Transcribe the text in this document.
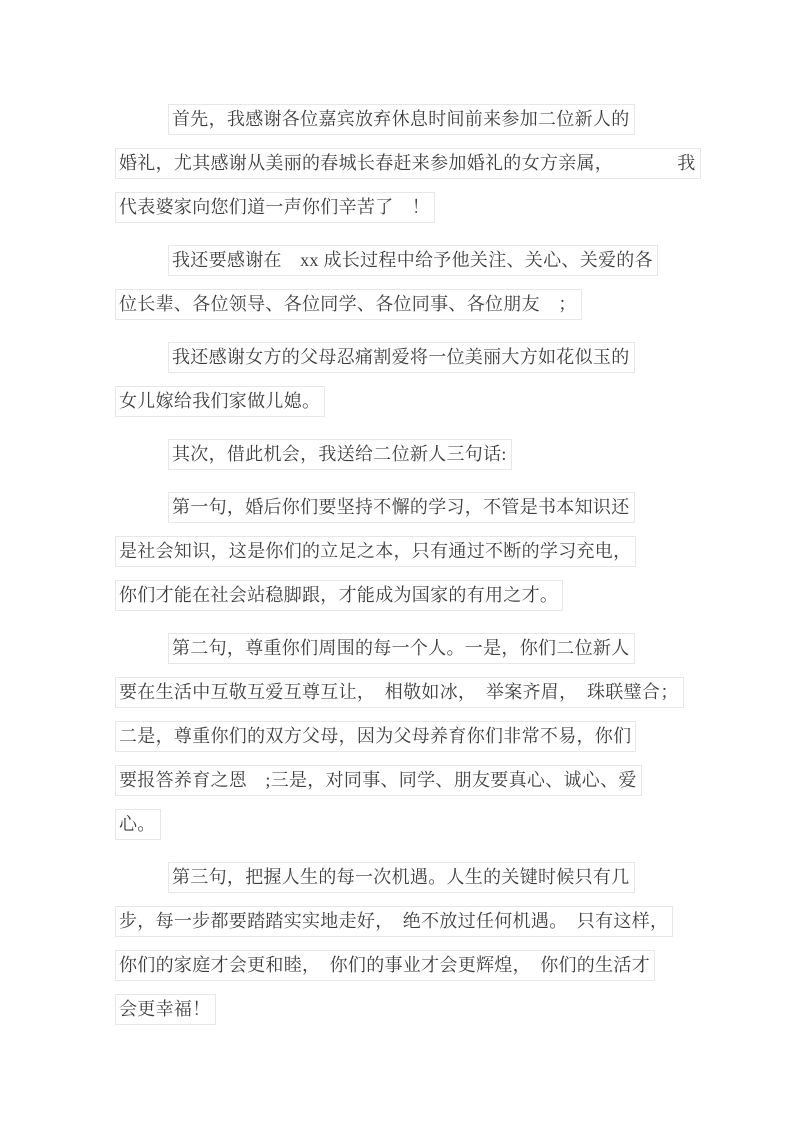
首先，我感谢各位嘉宾放弃休息时间前来参加二位新人的
婚礼，尤其感谢从美丽的春城长春赶来参加婚礼的女方亲属，　　　　我
代表婆家向您们道一声你们辛苦了　！
我还要感谢在　xx 成长过程中给予他关注、关心、关爱的各
位长辈、各位领导、各位同学、各位同事、各位朋友　；
我还感谢女方的父母忍痛割爱将一位美丽大方如花似玉的
女儿嫁给我们家做儿媳。
其次，借此机会，我送给二位新人三句话:
第一句，婚后你们要坚持不懈的学习，不管是书本知识还
是社会知识，这是你们的立足之本，只有通过不断的学习充电，
你们才能在社会站稳脚跟，才能成为国家的有用之才。
第二句，尊重你们周围的每一个人。一是，你们二位新人
要在生活中互敬互爱互尊互让，  相敬如冰，  举案齐眉，  珠联璧合；
二是，尊重你们的双方父母，因为父母养育你们非常不易，你们
要报答养育之恩　;三是，对同事、同学、朋友要真心、诚心、爱
心。
第三句，把握人生的每一次机遇。人生的关键时候只有几
步，每一步都要踏踏实实地走好，　绝不放过任何机遇。　只有这样，
你们的家庭才会更和睦，　你们的事业才会更辉煌，　你们的生活才
会更幸福！
